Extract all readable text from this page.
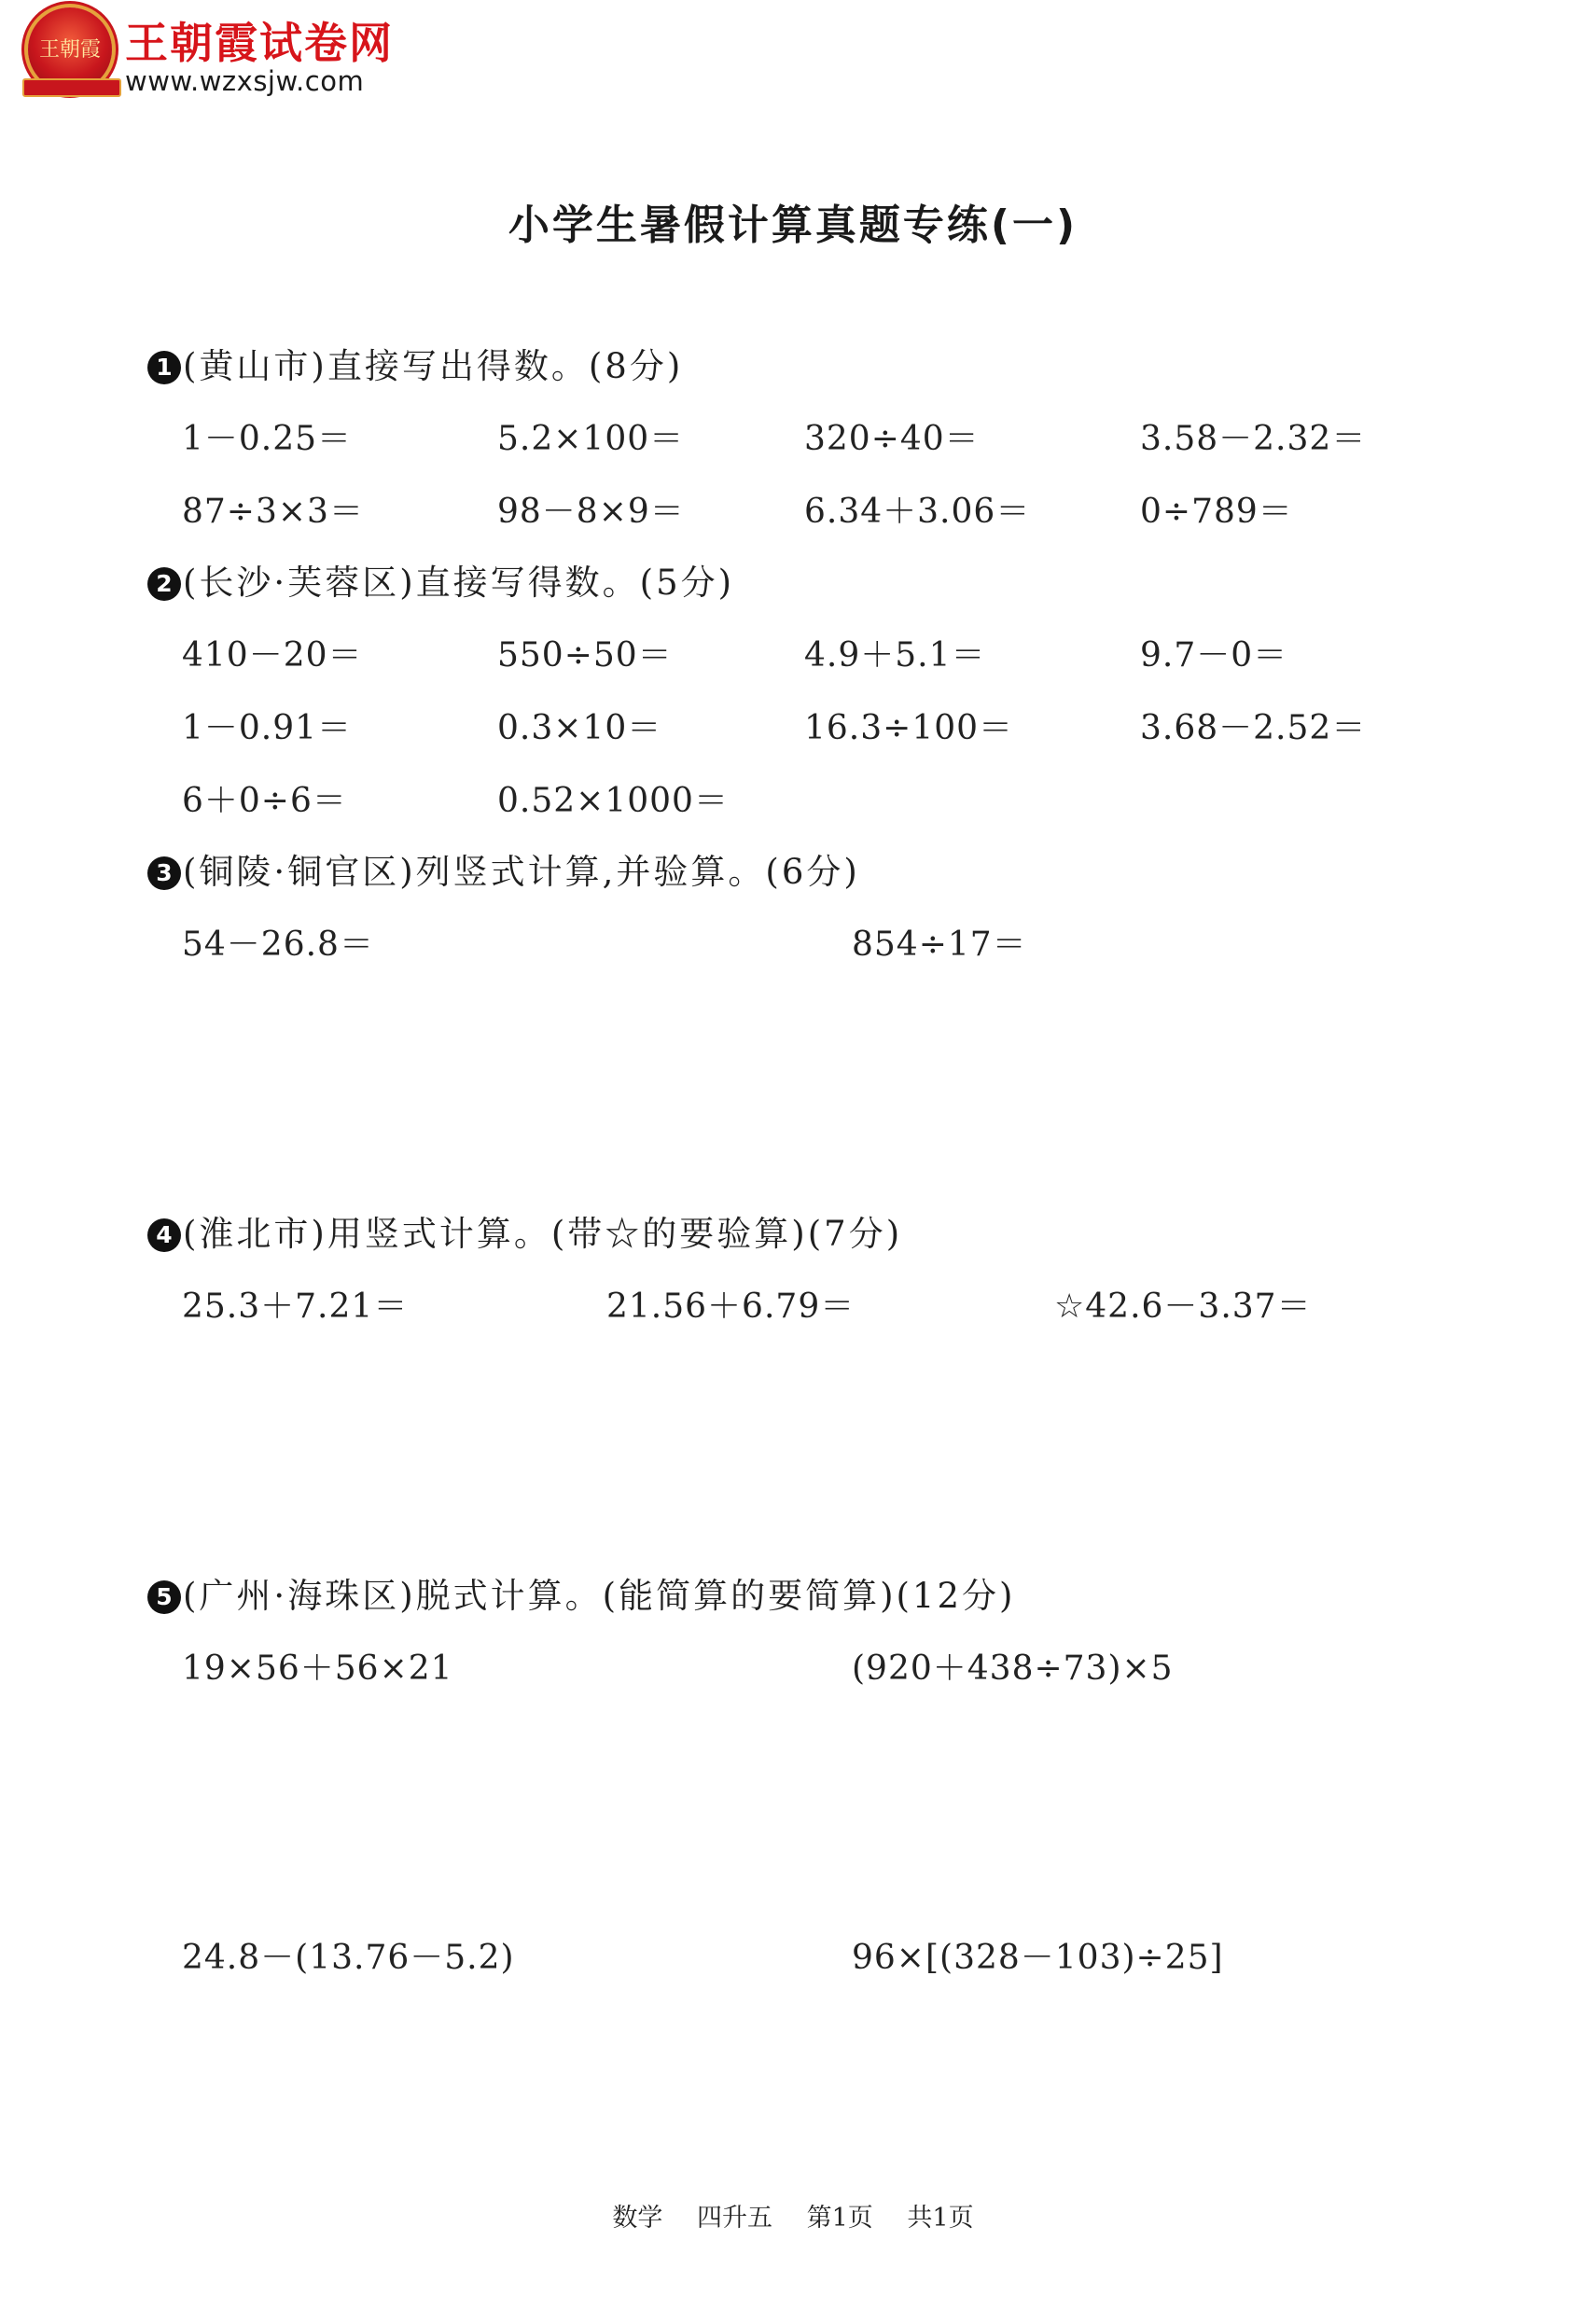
王朝霞 王朝霞试卷网
www.wzxsjw.com
小学生暑假计算真题专练(一)
1 (黄山市)直接写出得数。(8分)
1－0.25＝	5.2×100＝	320÷40＝	3.58－2.32＝
87÷3×3＝	98－8×9＝	6.34＋3.06＝	0÷789＝
2 (长沙·芙蓉区)直接写得数。(5分)
410－20＝	550÷50＝	4.9＋5.1＝	9.7－0＝
1－0.91＝	0.3×10＝	16.3÷100＝	3.68－2.52＝
6＋0÷6＝	0.52×1000＝
3 (铜陵·铜官区)列竖式计算,并验算。(6分)
54－26.8＝	854÷17＝
4 (淮北市)用竖式计算。(带☆的要验算)(7分)
25.3＋7.21＝	21.56＋6.79＝	☆42.6－3.37＝
5 (广州·海珠区)脱式计算。(能简算的要简算)(12分)
19×56＋56×21	(920＋438÷73)×5
24.8－(13.76－5.2)	96×[(328－103)÷25]
数学 四升五 第1页 共1页
